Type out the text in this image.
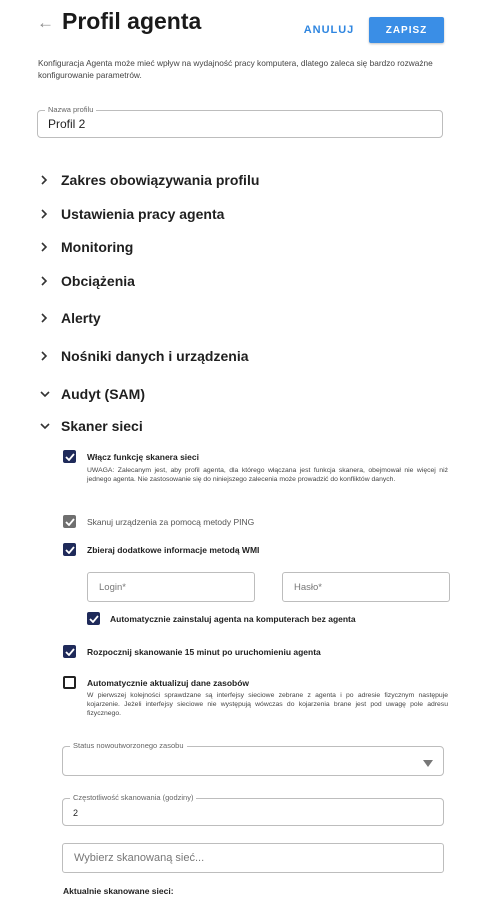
← Profil agenta	ANULUJ	ZAPISZ

Konfiguracja Agenta może mieć wpływ na wydajność pracy komputera, dlatego zaleca się bardzo rozważne konfigurowanie parametrów.

Nazwa profilu
Profil 2
Zakres obowiązywania profilu
Ustawienia pracy agenta
Monitoring
Obciążenia
Alerty
Nośniki danych i urządzenia
Audyt (SAM)
Skaner sieci
Włącz funkcję skanera sieci

UWAGA: Zalecanym jest, aby profil agenta, dla którego włączana jest funkcja skanera, obejmował nie więcej niż jednego agenta. Nie zastosowanie się do niniejszego zalecenia może prowadzić do konfliktów danych.

Skanuj urządzenia za pomocą metody PING
Zbieraj dodatkowe informacje metodą WMI
Login*	Hasło*
Automatycznie zainstaluj agenta na komputerach bez agenta
Rozpocznij skanowanie 15 minut po uruchomieniu agenta
Automatycznie aktualizuj dane zasobów

W pierwszej kolejności sprawdzane są interfejsy sieciowe zebrane z agenta i po adresie fizycznym następuje kojarzenie. Jeżeli interfejsy sieciowe nie występują wówczas do kojarzenia brane jest pod uwagę pole adresu fizycznego.

Status nowoutworzonego zasobu
Częstotliwość skanowania (godziny)
2
Wybierz skanowaną sieć...
Aktualnie skanowane sieci:
